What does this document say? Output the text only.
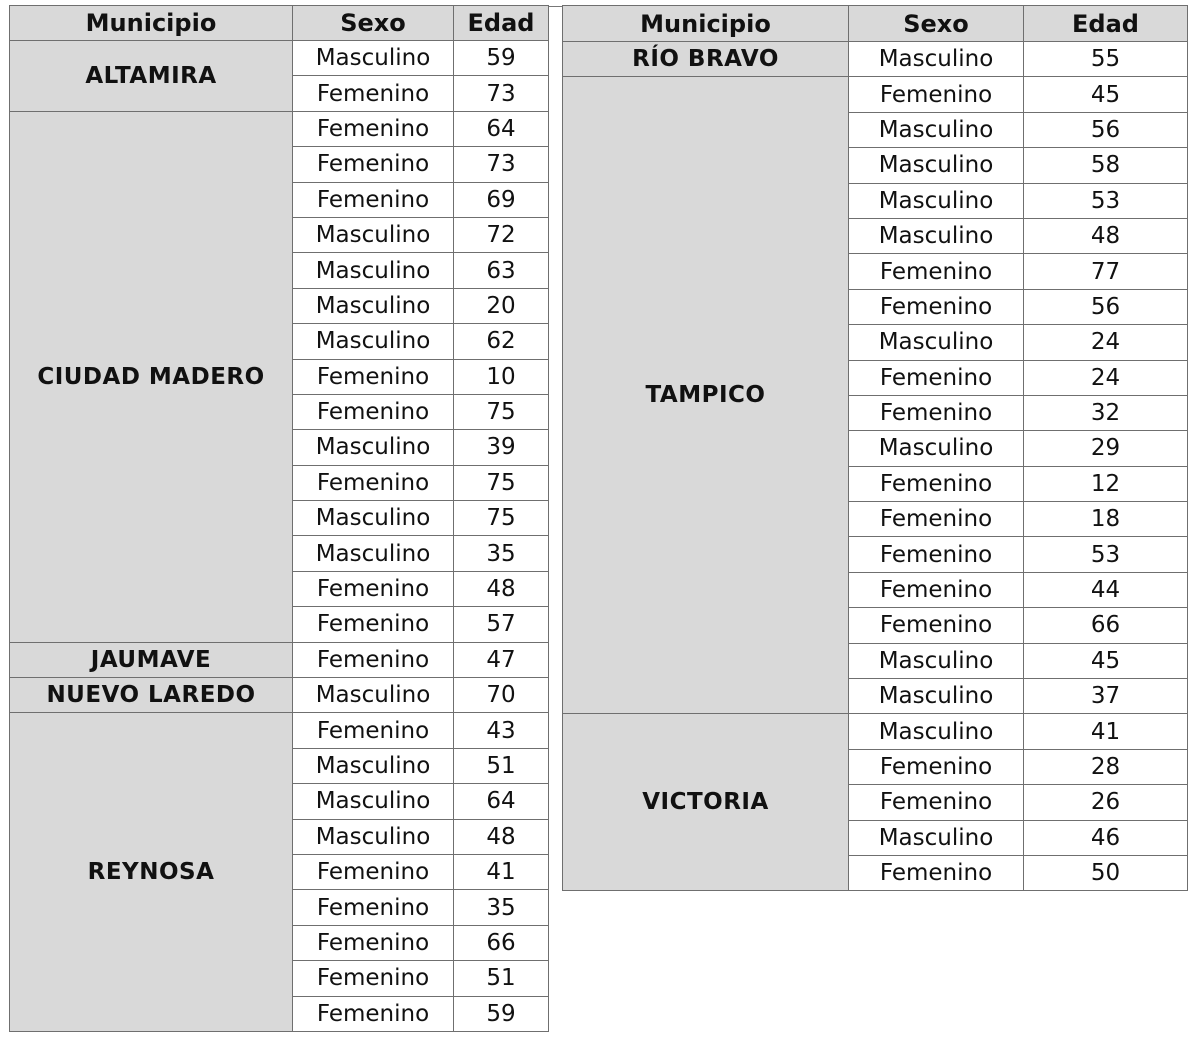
Municipio	Sexo	Edad
ALTAMIRA	Masculino	59
	Femenino	73
CIUDAD MADERO	Femenino	64
	Femenino	73
	Femenino	69
	Masculino	72
	Masculino	63
	Masculino	20
	Masculino	62
	Femenino	10
	Femenino	75
	Masculino	39
	Femenino	75
	Masculino	75
	Masculino	35
	Femenino	48
	Femenino	57
JAUMAVE	Femenino	47
NUEVO LAREDO	Masculino	70
REYNOSA	Femenino	43
	Masculino	51
	Masculino	64
	Masculino	48
	Femenino	41
	Femenino	35
	Femenino	66
	Femenino	51
	Femenino	59
Municipio	Sexo	Edad
RÍO BRAVO	Masculino	55
TAMPICO	Femenino	45
	Masculino	56
	Masculino	58
	Masculino	53
	Masculino	48
	Femenino	77
	Femenino	56
	Masculino	24
	Femenino	24
	Femenino	32
	Masculino	29
	Femenino	12
	Femenino	18
	Femenino	53
	Femenino	44
	Femenino	66
	Masculino	45
	Masculino	37
VICTORIA	Masculino	41
	Femenino	28
	Femenino	26
	Masculino	46
	Femenino	50
